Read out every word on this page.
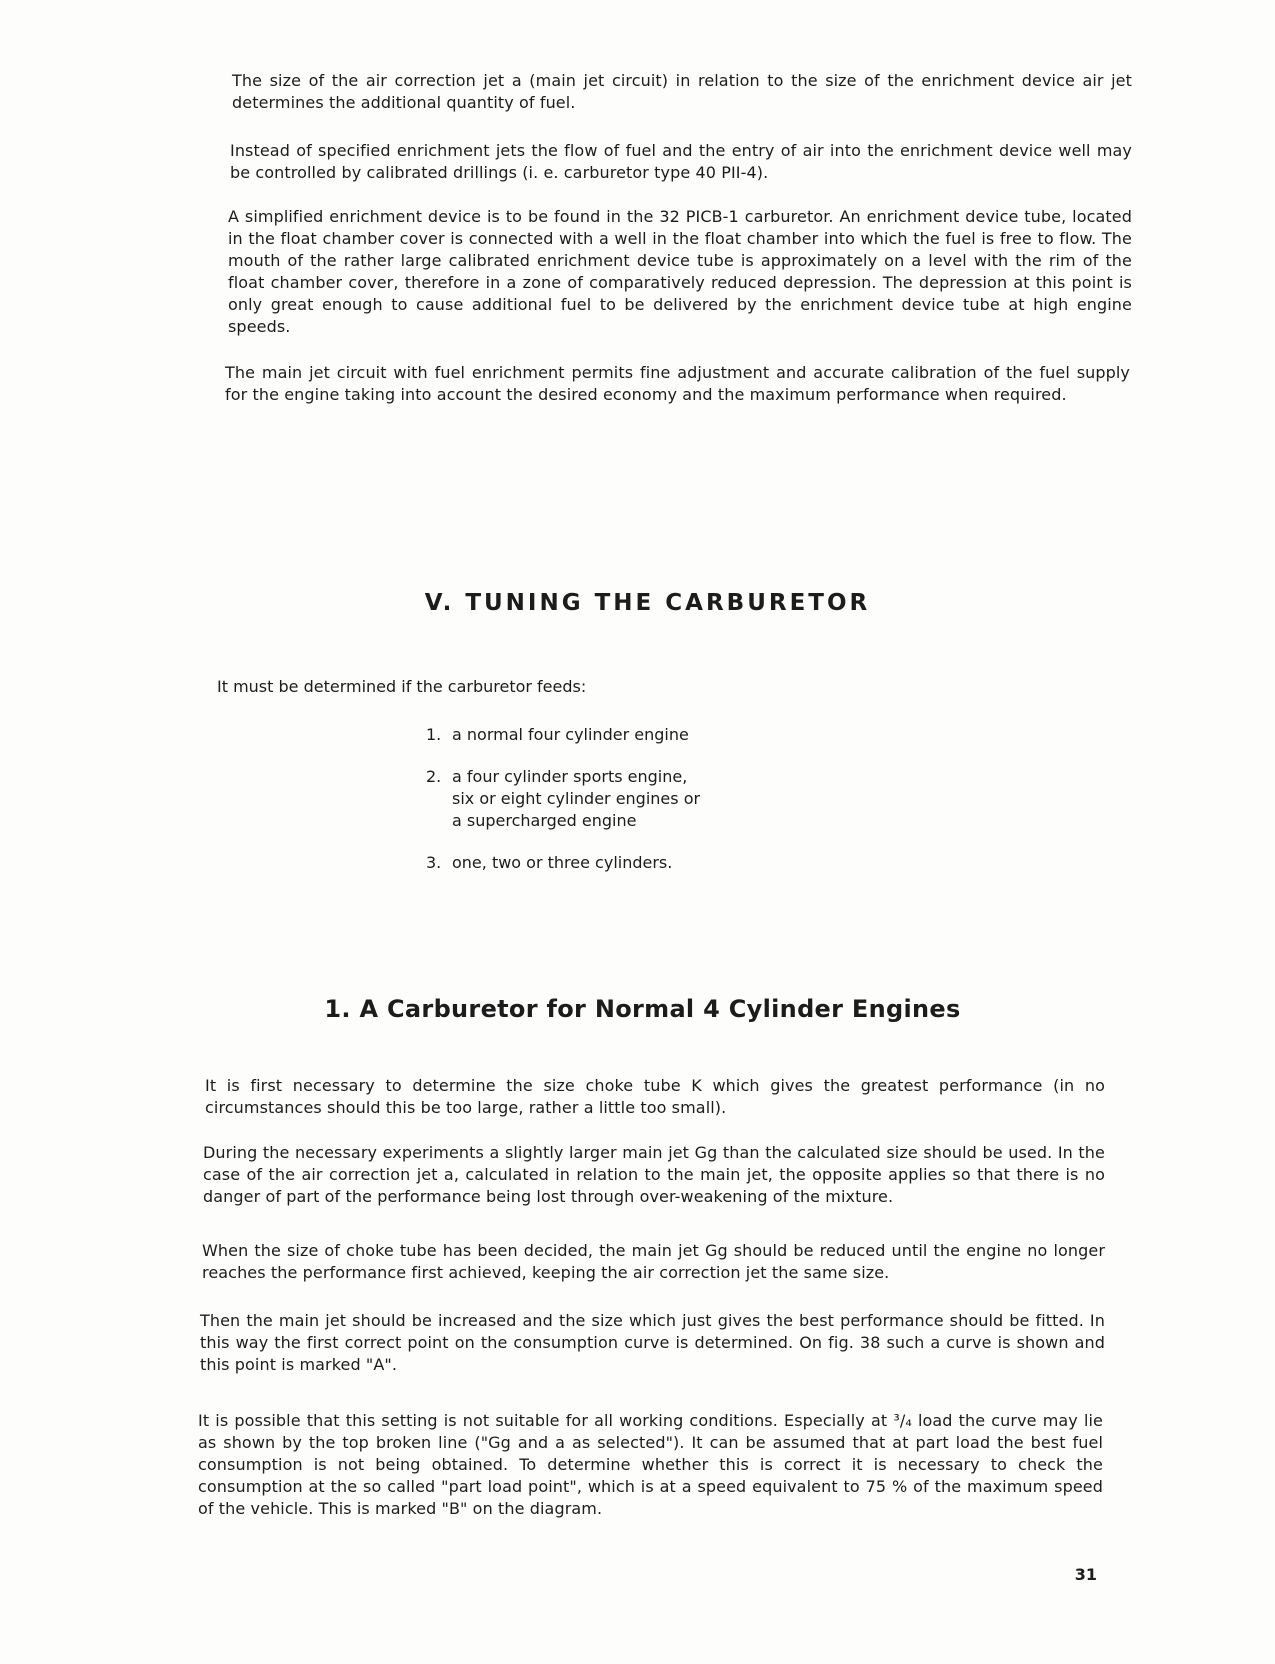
The size of the air correction jet a (main jet circuit) in relation to the size of the enrichment device air jet determines the additional quantity of fuel.

Instead of specified enrichment jets the flow of fuel and the entry of air into the enrichment device well may be controlled by calibrated drillings (i. e. carburetor type 40 PII-4).

A simplified enrichment device is to be found in the 32 PICB-1 carburetor. An enrichment device tube, located in the float chamber cover is connected with a well in the float chamber into which the fuel is free to flow. The mouth of the rather large calibrated enrichment device tube is approximately on a level with the rim of the float chamber cover, therefore in a zone of comparatively reduced depression. The depression at this point is only great enough to cause additional fuel to be delivered by the enrichment device tube at high engine speeds.

The main jet circuit with fuel enrichment permits fine adjustment and accurate calibration of the fuel supply for the engine taking into account the desired economy and the maximum performance when required.

V. TUNING THE CARBURETOR

It must be determined if the carburetor feeds:

1. a normal four cylinder engine
2. a four cylinder sports engine, six or eight cylinder engines or a supercharged engine
3. one, two or three cylinders.
1. A Carburetor for Normal 4 Cylinder Engines

It is first necessary to determine the size choke tube K which gives the greatest performance (in no circumstances should this be too large, rather a little too small).

During the necessary experiments a slightly larger main jet Gg than the calculated size should be used. In the case of the air correction jet a, calculated in relation to the main jet, the opposite applies so that there is no danger of part of the performance being lost through over-weakening of the mixture.

When the size of choke tube has been decided, the main jet Gg should be reduced until the engine no longer reaches the performance first achieved, keeping the air correction jet the same size.

Then the main jet should be increased and the size which just gives the best performance should be fitted. In this way the first correct point on the consumption curve is determined. On fig. 38 such a curve is shown and this point is marked "A".

It is possible that this setting is not suitable for all working conditions. Especially at ³/₄ load the curve may lie as shown by the top broken line ("Gg and a as selected"). It can be assumed that at part load the best fuel consumption is not being obtained. To determine whether this is correct it is necessary to check the consumption at the so called "part load point", which is at a speed equivalent to 75 % of the maximum speed of the vehicle. This is marked "B" on the diagram.

31
